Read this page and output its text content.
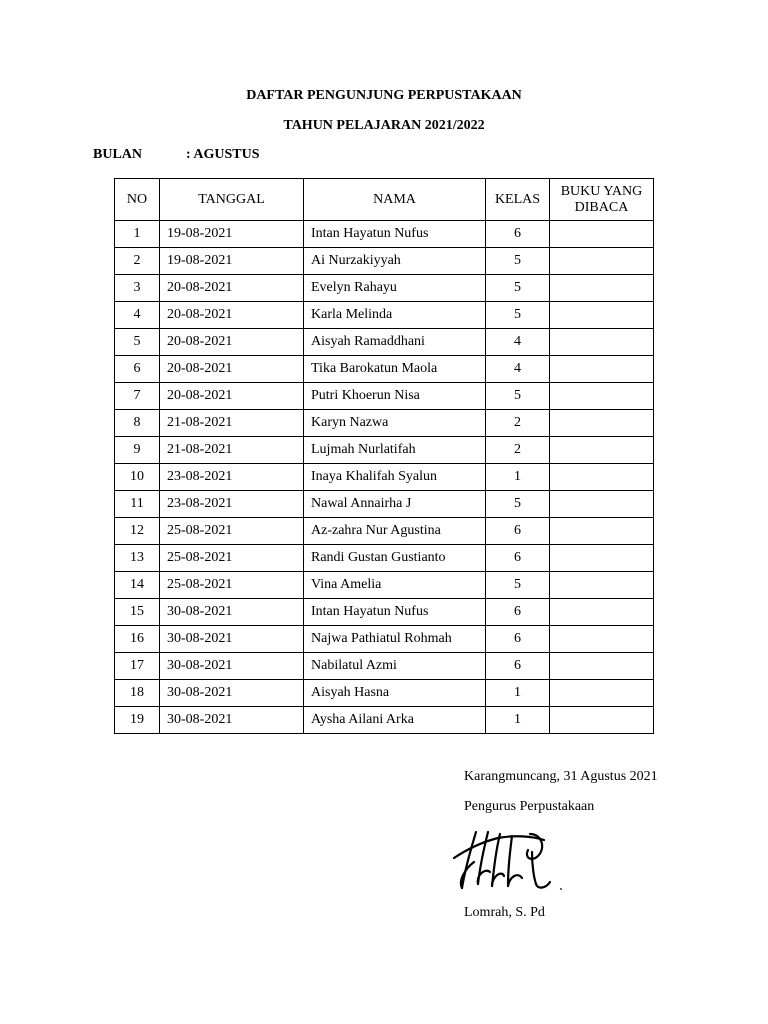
DAFTAR PENGUNJUNG PERPUSTAKAAN
TAHUN PELAJARAN 2021/2022
BULAN	: AGUSTUS
NO	TANGGAL	NAMA	KELAS	BUKU YANG DIBACA
1	19-08-2021	Intan Hayatun Nufus	6	
2	19-08-2021	Ai Nurzakiyyah	5	
3	20-08-2021	Evelyn Rahayu	5	
4	20-08-2021	Karla Melinda	5	
5	20-08-2021	Aisyah Ramaddhani	4	
6	20-08-2021	Tika Barokatun Maola	4	
7	20-08-2021	Putri Khoerun Nisa	5	
8	21-08-2021	Karyn Nazwa	2	
9	21-08-2021	Lujmah Nurlatifah	2	
10	23-08-2021	Inaya Khalifah Syalun	1	
11	23-08-2021	Nawal Annairha J	5	
12	25-08-2021	Az-zahra Nur Agustina	6	
13	25-08-2021	Randi Gustan Gustianto	6	
14	25-08-2021	Vina Amelia	5	
15	30-08-2021	Intan Hayatun Nufus	6	
16	30-08-2021	Najwa Pathiatul Rohmah	6	
17	30-08-2021	Nabilatul Azmi	6	
18	30-08-2021	Aisyah Hasna	1	
19	30-08-2021	Aysha Ailani Arka	1	
Karangmuncang, 31 Agustus 2021
Pengurus Perpustakaan
Lomrah, S. Pd
